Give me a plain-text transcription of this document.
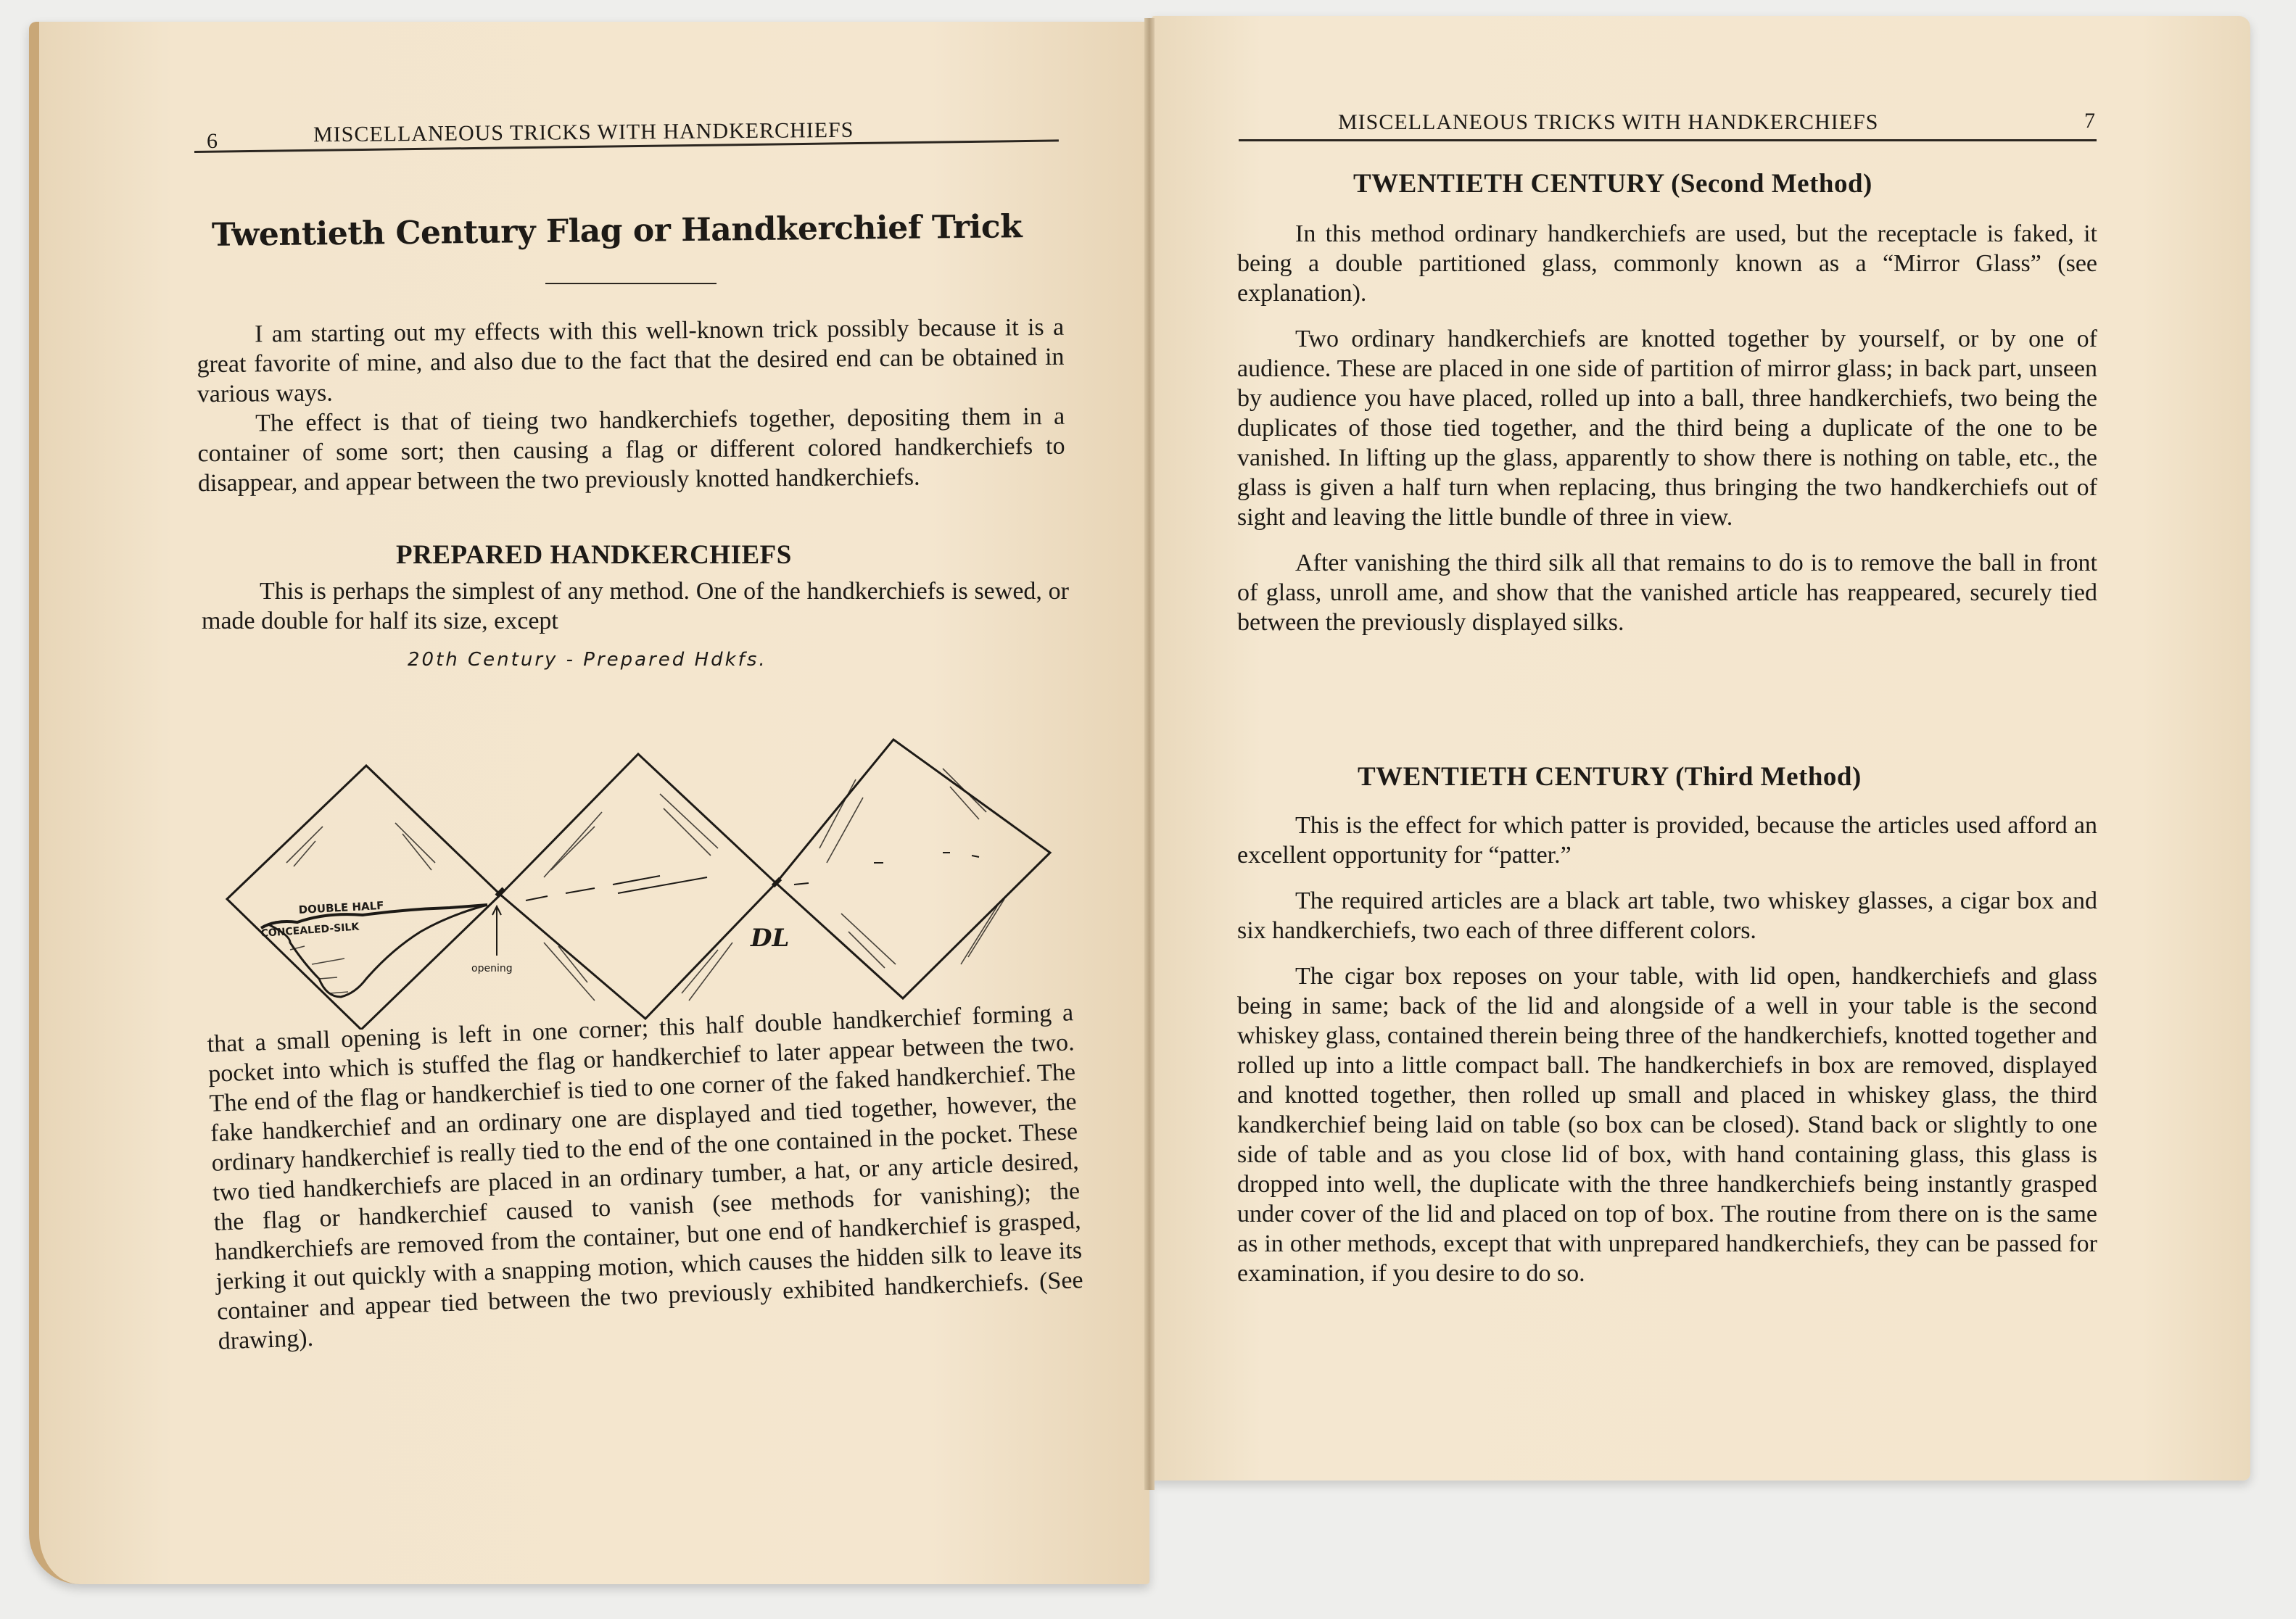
6	MISCELLANEOUS TRICKS WITH HANDKERCHIEFS
Twentieth Century Flag or Handkerchief Trick

I am starting out my effects with this well-known trick possibly because it is a great favorite of mine, and also due to the fact that the desired end can be obtained in various ways.

The effect is that of tieing two handkerchiefs together, depositing them in a container of some sort; then causing a flag or different colored handkerchiefs to disappear, and appear between the two previously knotted handkerchiefs.

PREPARED HANDKERCHIEFS

This is perhaps the simplest of any method. One of the handkerchiefs is sewed, or made double for half its size, except

20th Century - Prepared Hdkfs.
DOUBLE HALF
CONCEALED-SILK
opening
DL

that a small opening is left in one corner; this half double handkerchief forming a pocket into which is stuffed the flag or handkerchief to later appear between the two. The end of the flag or handkerchief is tied to one corner of the faked handkerchief. The fake handkerchief and an ordinary one are displayed and tied together, however, the ordinary handkerchief is really tied to the end of the one contained in the pocket. These two tied handkerchiefs are placed in an ordinary tumber, a hat, or any article desired, the flag or handkerchief caused to vanish (see methods for vanishing); the handkerchiefs are removed from the container, but one end of handkerchief is grasped, jerking it out quickly with a snapping motion, which causes the hidden silk to leave its container and appear tied between the two previously exhibited handkerchiefs. (See drawing).

MISCELLANEOUS TRICKS WITH HANDKERCHIEFS	7
TWENTIETH CENTURY (Second Method)

In this method ordinary handkerchiefs are used, but the receptacle is faked, it being a double partitioned glass, commonly known as a “Mirror Glass” (see explanation).

Two ordinary handkerchiefs are knotted together by yourself, or by one of audience. These are placed in one side of partition of mirror glass; in back part, unseen by audience you have placed, rolled up into a ball, three handkerchiefs, two being the duplicates of those tied together, and the third being a duplicate of the one to be vanished. In lifting up the glass, apparently to show there is nothing on table, etc., the glass is given a half turn when replacing, thus bringing the two handkerchiefs out of sight and leaving the little bundle of three in view.

After vanishing the third silk all that remains to do is to remove the ball in front of glass, unroll ame, and show that the vanished article has reappeared, securely tied between the previously displayed silks.

TWENTIETH CENTURY (Third Method)

This is the effect for which patter is provided, because the articles used afford an excellent opportunity for “patter.”

The required articles are a black art table, two whiskey glasses, a cigar box and six handkerchiefs, two each of three different colors.

The cigar box reposes on your table, with lid open, handkerchiefs and glass being in same; back of the lid and alongside of a well in your table is the second whiskey glass, contained therein being three of the handkerchiefs, knotted together and rolled up into a little compact ball. The handkerchiefs in box are removed, displayed and knotted together, then rolled up small and placed in whiskey glass, the third kandkerchief being laid on table (so box can be closed). Stand back or slightly to one side of table and as you close lid of box, with hand containing glass, this glass is dropped into well, the duplicate with the three handkerchiefs being instantly grasped under cover of the lid and placed on top of box. The routine from there on is the same as in other methods, except that with unprepared handkerchiefs, they can be passed for examination, if you desire to do so.
